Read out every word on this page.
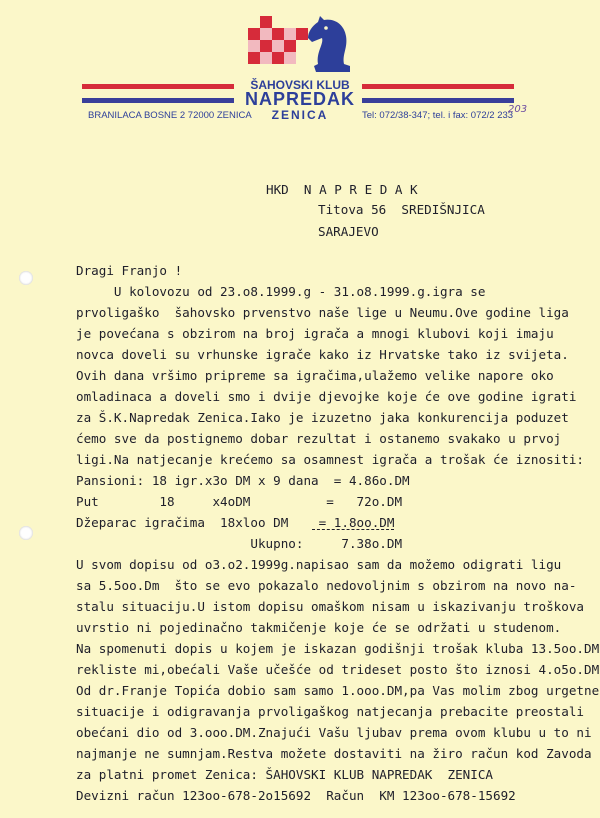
ŠAHOVSKI KLUB
NAPREDAK
ZENICA
BRANILACA BOSNE 2 72000 ZENICA	Tel: 072/38-347; tel. i fax: 072/2 233
203
HKD  N A P R E D A K
Titova 56  SREDIŠNJICA
SARAJEVO
Dragi Franjo !
U kolovozu od 23.o8.1999.g - 31.o8.1999.g.igra se
prvoligaško  šahovsko prvenstvo naše lige u Neumu.Ove godine liga
je povećana s obzirom na broj igrača a mnogi klubovi koji imaju
novca doveli su vrhunske igrače kako iz Hrvatske tako iz svijeta.
Ovih dana vršimo pripreme sa igračima,ulažemo velike napore oko
omladinaca a doveli smo i dvije djevojke koje će ove godine igrati
za Š.K.Napredak Zenica.Iako je izuzetno jaka konkurencija poduzet
ćemo sve da postignemo dobar rezultat i ostanemo svakako u prvoj
ligi.Na natjecanje krećemo sa osamnest igrača a trošak će iznositi:
Pansioni: 18 igr.x3o DM x 9 dana  = 4.86o.DM
Put        18     x4oDM          =   72o.DM
Džeparac igračima  18xloo DM    = 1.8oo.DM
Ukupno:     7.38o.DM
U svom dopisu od o3.o2.1999g.napisao sam da možemo odigrati ligu
sa 5.5oo.Dm  što se evo pokazalo nedovoljnim s obzirom na novo na-
stalu situaciju.U istom dopisu omaškom nisam u iskazivanju troškova
uvrstio ni pojedinačno takmičenje koje će se održati u studenom.
Na spomenuti dopis u kojem je iskazan godišnji trošak kluba 13.5oo.DM
rekliste mi,obećali Vaše učešće od trideset posto što iznosi 4.o5o.DM
Od dr.Franje Topića dobio sam samo 1.ooo.DM,pa Vas molim zbog urgetne
situacije i odigravanja prvoligaškog natjecanja prebacite preostali
obećani dio od 3.ooo.DM.Znajući Vašu ljubav prema ovom klubu u to ni
najmanje ne sumnjam.Restva možete dostaviti na žiro račun kod Zavoda
za platni promet Zenica: ŠAHOVSKI KLUB NAPREDAK  ZENICA
Devizni račun 123oo-678-2o15692  Račun  KM 123oo-678-15692
